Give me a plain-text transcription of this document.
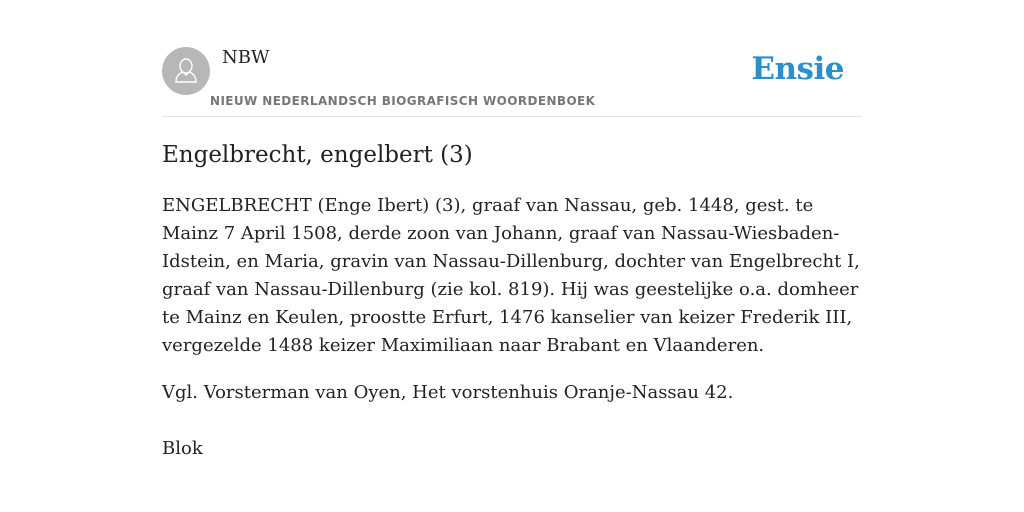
NBW
NIEUW NEDERLANDSCH BIOGRAFISCH WOORDENBOEK
Ensie
Engelbrecht, engelbert (3)

ENGELBRECHT (Enge Ibert) (3), graaf van Nassau, geb. 1448, gest. te Mainz 7 April 1508, derde zoon van Johann, graaf van Nassau-Wiesbaden-Idstein, en Maria, gravin van Nassau-Dillenburg, dochter van Engelbrecht I, graaf van Nassau-Dillenburg (zie kol. 819). Hij was geestelijke o.a. domheer te Mainz en Keulen, proostte Erfurt, 1476 kanselier van keizer Frederik III, vergezelde 1488 keizer Maximiliaan naar Brabant en Vlaanderen.

Vgl. Vorsterman van Oyen, Het vorstenhuis Oranje-Nassau 42.

Blok
